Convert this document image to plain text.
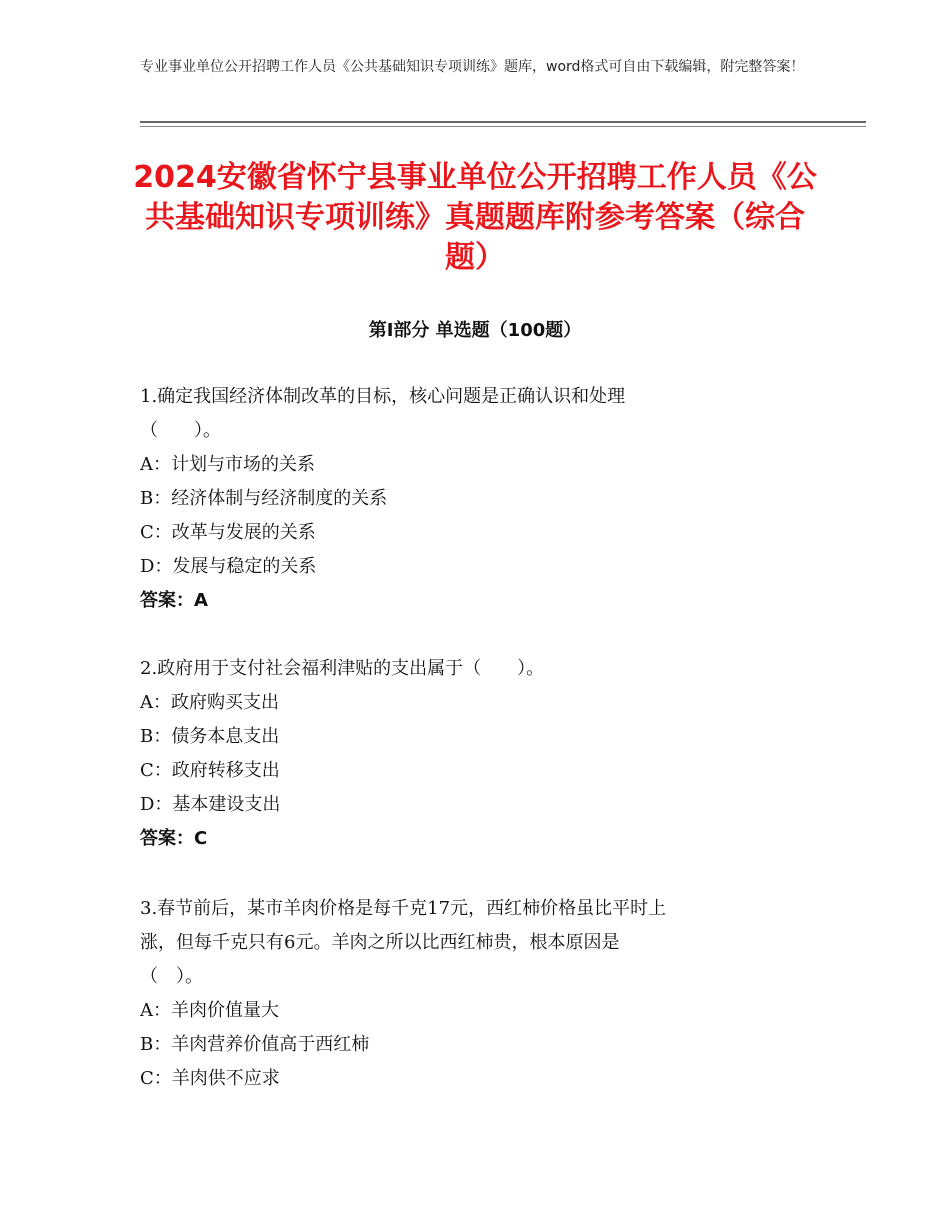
专业事业单位公开招聘工作人员《公共基础知识专项训练》题库，word格式可自由下载编辑，附完整答案！
2024安徽省怀宁县事业单位公开招聘工作人员《公共基础知识专项训练》真题题库附参考答案（综合题）
第Ⅰ部分 单选题（100题）

1.确定我国经济体制改革的目标，核心问题是正确认识和处理

（　　）。

A：计划与市场的关系

B：经济体制与经济制度的关系

C：改革与发展的关系

D：发展与稳定的关系

答案：A

2.政府用于支付社会福利津贴的支出属于（　　）。

A：政府购买支出

B：债务本息支出

C：政府转移支出

D：基本建设支出

答案：C

3.春节前后，某市羊肉价格是每千克17元，西红柿价格虽比平时上

涨，但每千克只有6元。羊肉之所以比西红柿贵，根本原因是

（　）。

A：羊肉价值量大

B：羊肉营养价值高于西红柿

C：羊肉供不应求
